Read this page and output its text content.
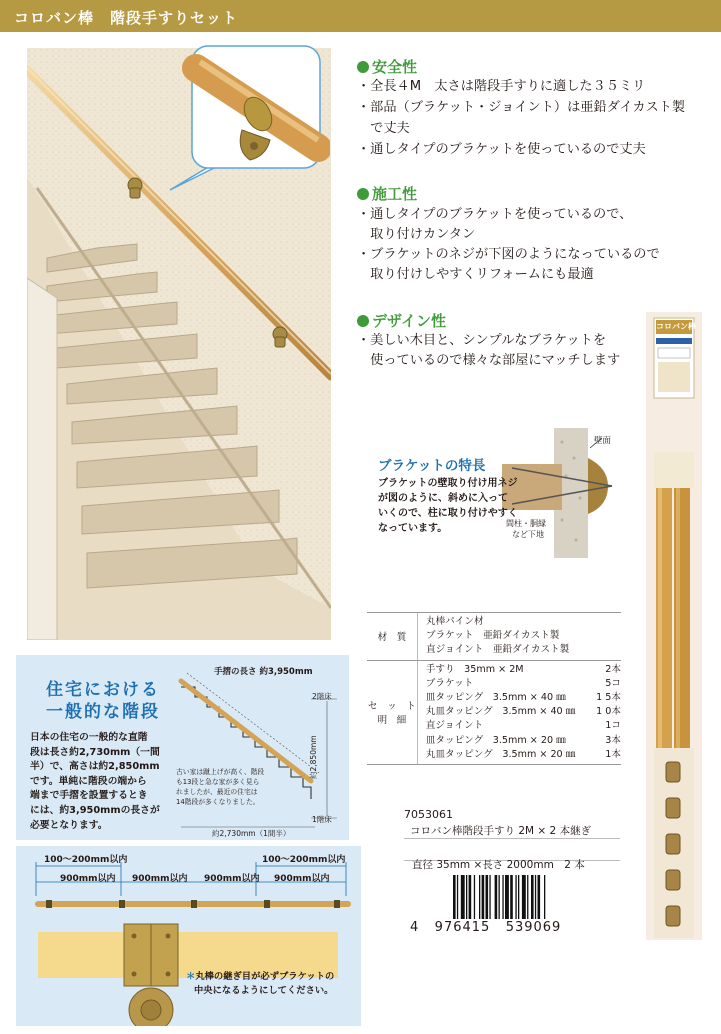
コロバン棒　階段手すりセット
安全性
・全長４M　太さは階段手すりに適した３５ミリ
・部品（ブラケット・ジョイント）は亜鉛ダイカスト製
　で丈夫
・通しタイプのブラケットを使っているので丈夫
施工性
・通しタイプのブラケットを使っているので、
　取り付けカンタン
・ブラケットのネジが下図のようになっているので
　取り付けしやすくリフォームにも最適
デザイン性
・美しい木目と、シンプルなブラケットを
　使っているので様々な部屋にマッチします
壁面
間柱・胴縁
など下地
ブラケットの特長
ブラケットの壁取り付け用ネジ
が図のように、斜めに入って
いくので、柱に取り付けやすく
なっています。
材　質
丸棒パイン材
ブラケット　亜鉛ダイカスト製
直ジョイント　亜鉛ダイカスト製
セ　ッ　ト
明　細
手すり　35mm × 2M	2本
ブラケット	5コ
皿タッピング　3.5mm × 40 ㎜	1 5本
丸皿タッピング　3.5mm × 40 ㎜	1 0本
直ジョイント	1コ
皿タッピング　3.5mm × 20 ㎜	3本
丸皿タッピング　3.5mm × 20 ㎜	1本
7053061
コロバン棒階段手すり 2M × 2 本継ぎ
直径 35mm ×長さ 2000mm　2 本
4   976415   539069
コロバン棒
住宅における
一般的な階段
日本の住宅の一般的な直階
段は長さ約2,730mm（一間
半）で、高さは約2,850mm
です。単純に階段の端から
端まで手摺を設置するとき
には、約3,950mmの長さが
必要となります。
手摺の長さ 約3,950mm
2階床
1階床
約2,850mm
約2,730mm（1間半）
古い家は蹴上げが高く、階段
も13段と急な家が多く見ら
れましたが、最近の住宅は
14階段が多くなりました。
100〜200mm以内	100〜200mm以内
900mm以内 900mm以内 900mm以内 900mm以内
＊丸棒の継ぎ目が必ずブラケットの
中央になるようにしてください。
